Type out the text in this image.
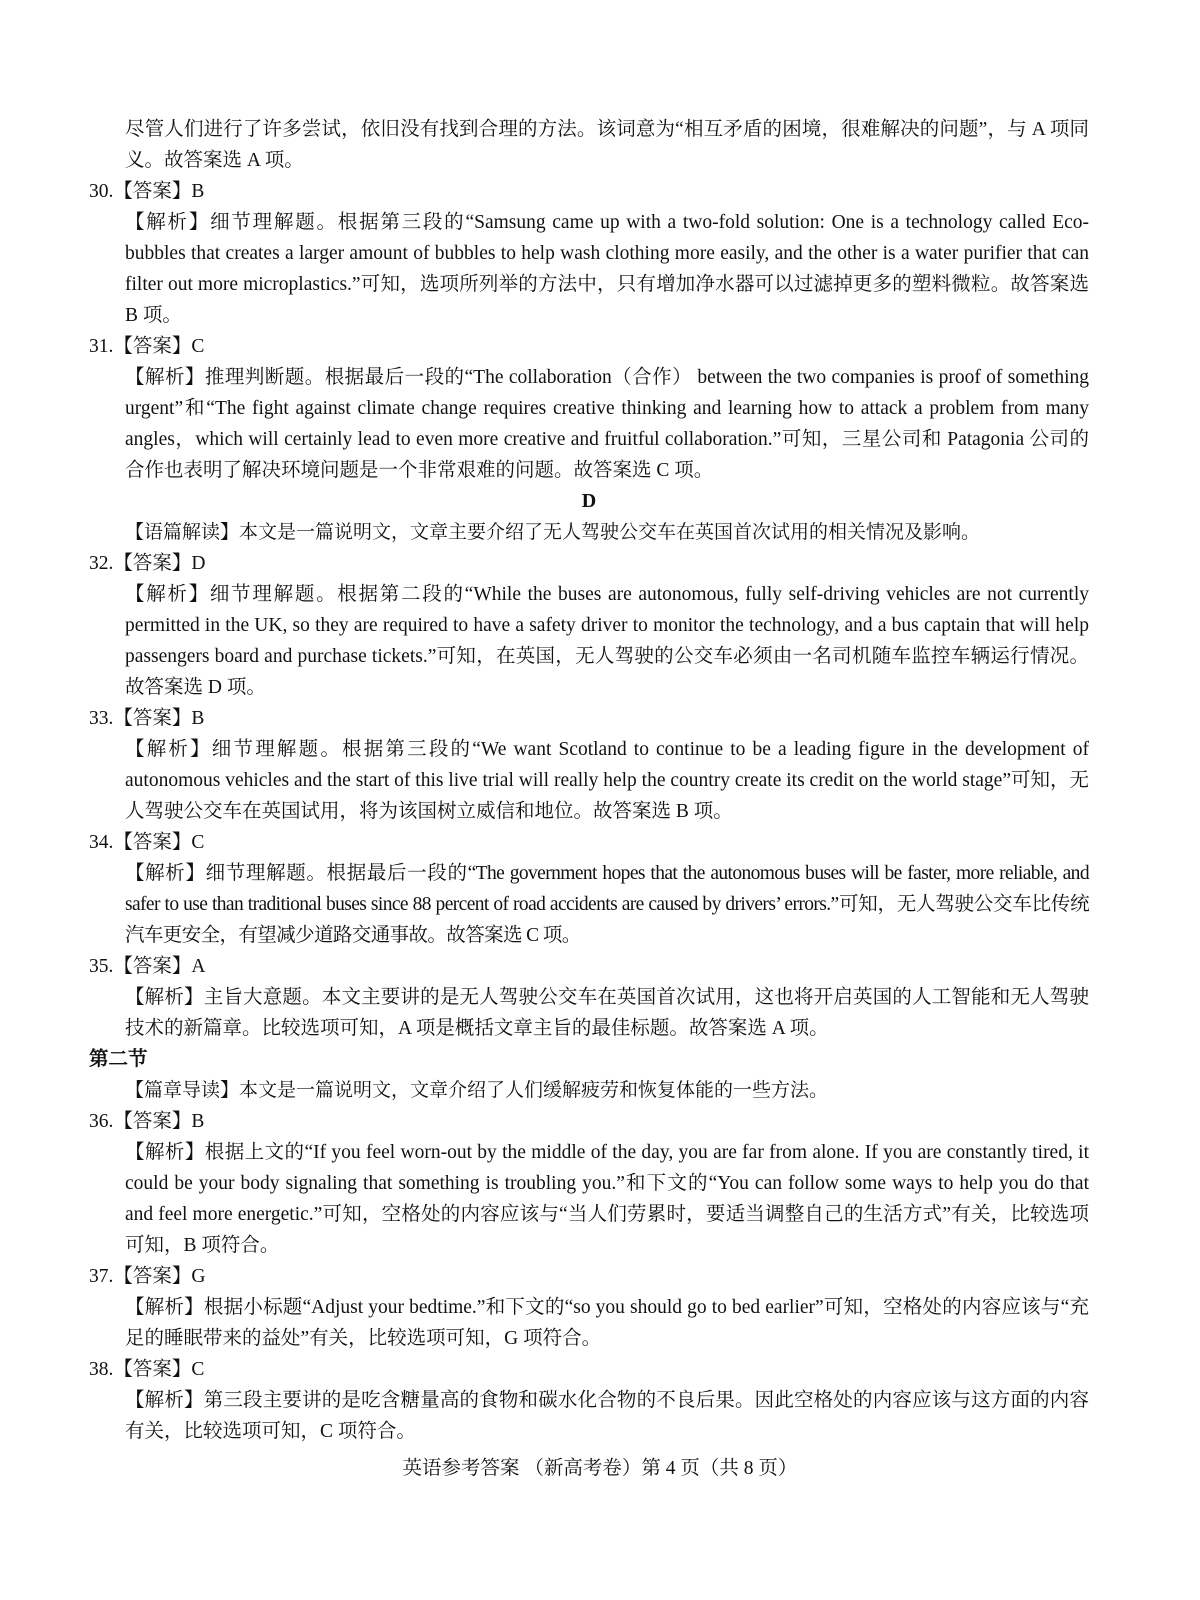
尽管人们进行了许多尝试，依旧没有找到合理的方法。该词意为“相互矛盾的困境，很难解决的问题”，与 A 项同义。故答案选 A 项。

30.【答案】B

【解析】细节理解题。根据第三段的“Samsung came up with a two-fold solution: One is a technology called Eco-bubbles that creates a larger amount of bubbles to help wash clothing more easily, and the other is a water purifier that can filter out more microplastics.”可知，选项所列举的方法中，只有增加净水器可以过滤掉更多的塑料微粒。故答案选 B 项。

31.【答案】C

【解析】推理判断题。根据最后一段的“The collaboration（合作） between the two companies is proof of something urgent”和“The fight against climate change requires creative thinking and learning how to attack a problem from many angles，which will certainly lead to even more creative and fruitful collaboration.”可知，三星公司和 Patagonia 公司的合作也表明了解决环境问题是一个非常艰难的问题。故答案选 C 项。

D

【语篇解读】本文是一篇说明文，文章主要介绍了无人驾驶公交车在英国首次试用的相关情况及影响。

32.【答案】D

【解析】细节理解题。根据第二段的“While the buses are autonomous, fully self-driving vehicles are not currently permitted in the UK, so they are required to have a safety driver to monitor the technology, and a bus captain that will help passengers board and purchase tickets.”可知，在英国，无人驾驶的公交车必须由一名司机随车监控车辆运行情况。故答案选 D 项。

33.【答案】B

【解析】细节理解题。根据第三段的“We want Scotland to continue to be a leading figure in the development of autonomous vehicles and the start of this live trial will really help the country create its credit on the world stage”可知，无人驾驶公交车在英国试用，将为该国树立威信和地位。故答案选 B 项。

34.【答案】C

【解析】细节理解题。根据最后一段的“The government hopes that the autonomous buses will be faster, more reliable, and safer to use than traditional buses since 88 percent of road accidents are caused by drivers’ errors.”可知，无人驾驶公交车比传统汽车更安全，有望减少道路交通事故。故答案选 C 项。

35.【答案】A

【解析】主旨大意题。本文主要讲的是无人驾驶公交车在英国首次试用，这也将开启英国的人工智能和无人驾驶技术的新篇章。比较选项可知，A 项是概括文章主旨的最佳标题。故答案选 A 项。

第二节

【篇章导读】本文是一篇说明文，文章介绍了人们缓解疲劳和恢复体能的一些方法。

36.【答案】B

【解析】根据上文的“If you feel worn-out by the middle of the day, you are far from alone. If you are constantly tired, it could be your body signaling that something is troubling you.”和下文的“You can follow some ways to help you do that and feel more energetic.”可知，空格处的内容应该与“当人们劳累时，要适当调整自己的生活方式”有关，比较选项可知，B 项符合。

37.【答案】G

【解析】根据小标题“Adjust your bedtime.”和下文的“so you should go to bed earlier”可知，空格处的内容应该与“充足的睡眠带来的益处”有关，比较选项可知，G 项符合。

38.【答案】C

【解析】第三段主要讲的是吃含糖量高的食物和碳水化合物的不良后果。因此空格处的内容应该与这方面的内容有关，比较选项可知，C 项符合。

英语参考答案 （新高考卷）第 4 页（共 8 页）
